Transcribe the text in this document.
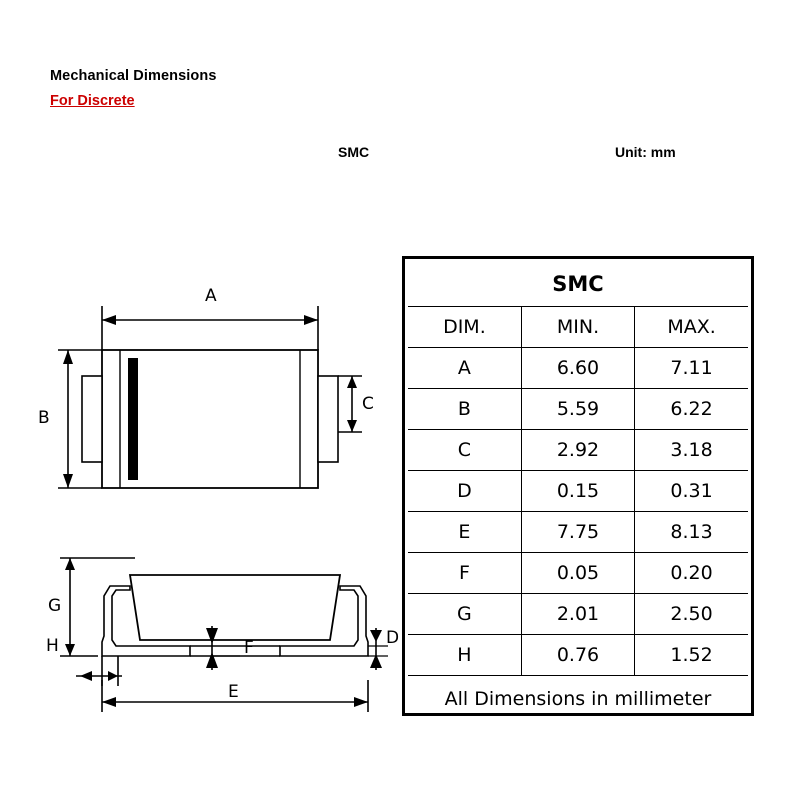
Mechanical Dimensions
For Discrete
SMC	Unit: mm
A
B
C
G
H	F	D
E
SMC		
DIM.	MIN.	MAX.
A	6.60	7.11
B	5.59	6.22
C	2.92	3.18
D	0.15	0.31
E	7.75	8.13
F	0.05	0.20
G	2.01	2.50
H	0.76	1.52
All Dimensions in millimeter		
